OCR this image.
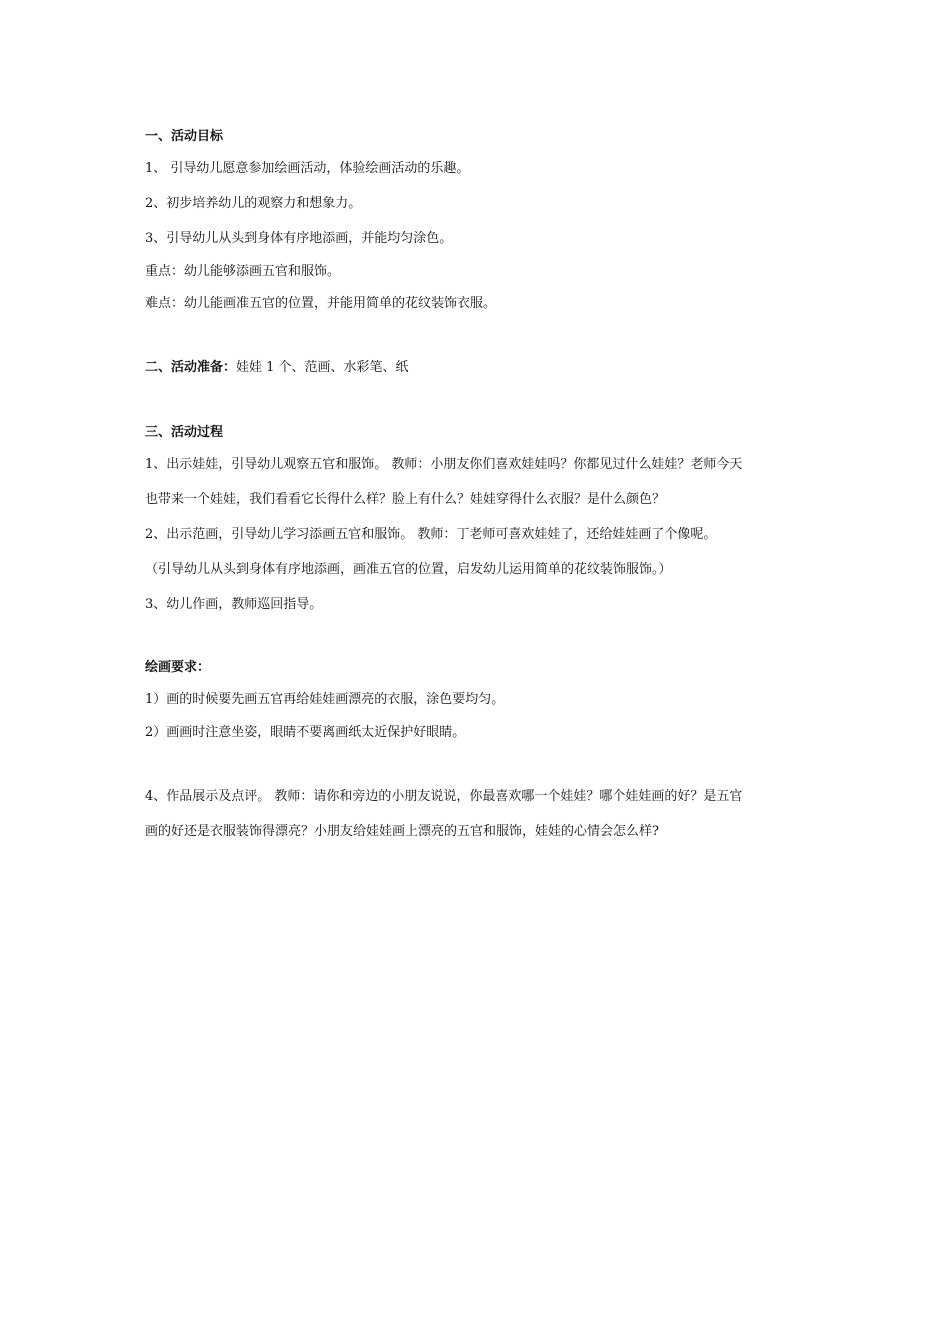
一、活动目标
1、 引导幼儿愿意参加绘画活动，体验绘画活动的乐趣。
2、初步培养幼儿的观察力和想象力。
3、引导幼儿从头到身体有序地添画，并能均匀涂色。
重点：幼儿能够添画五官和服饰。
难点：幼儿能画准五官的位置，并能用简单的花纹装饰衣服。
二、活动准备：娃娃 1 个、范画、水彩笔、纸
三、活动过程
1、出示娃娃，引导幼儿观察五官和服饰。 教师：小朋友你们喜欢娃娃吗？你都见过什么娃娃？老师今天
也带来一个娃娃，我们看看它长得什么样？脸上有什么？娃娃穿得什么衣服？是什么颜色？
2、出示范画，引导幼儿学习添画五官和服饰。 教师：丁老师可喜欢娃娃了，还给娃娃画了个像呢。
（引导幼儿从头到身体有序地添画，画准五官的位置，启发幼儿运用简单的花纹装饰服饰。）
3、幼儿作画，教师巡回指导。
绘画要求：
1）画的时候要先画五官再给娃娃画漂亮的衣服，涂色要均匀。
2）画画时注意坐姿，眼睛不要离画纸太近保护好眼睛。
4、作品展示及点评。 教师：请你和旁边的小朋友说说，你最喜欢哪一个娃娃？哪个娃娃画的好？是五官
画的好还是衣服装饰得漂亮？小朋友给娃娃画上漂亮的五官和服饰，娃娃的心情会怎么样?
